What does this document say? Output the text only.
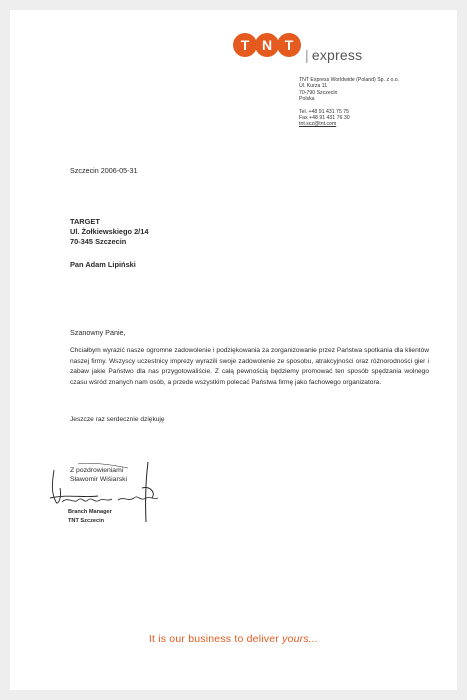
T N T
| express
TNT Express Worldwide (Poland) Sp. z o.o.
Ul. Kurza 11
70-790 Szczecin
Polska
Tel. +48 91 431 75 75
Fax +48 91 431 76 30
tnt.scz@tnt.com
Szczecin 2006-05-31
TARGET
Ul. Żołkiewskiego 2/14
70-345 Szczecin
Pan Adam Lipiński
Szanowny Panie,

Chciałbym wyrazić nasze ogromne zadowolenie i podziękowania za zorganizowanie przez Państwa spotkania dla klientów naszej firmy. Wszyscy uczestnicy imprezy wyrazili swoje zadowolenie ze sposobu, atrakcyjności oraz różnorodności gier i zabaw jakie Państwo dla nas przygotowaliście. Z całą pewnością będziemy promować ten sposób spędzania wolnego czasu wśród znanych nam osób, a przede wszystkim polecać Państwa firmę jako fachowego organizatora.

Jeszcze raz serdecznie dziękuję
Z pozdrowieniami
Sławomir Wiśiarski
Branch Manager
TNT Szczecin
It is our business to deliver yours...
